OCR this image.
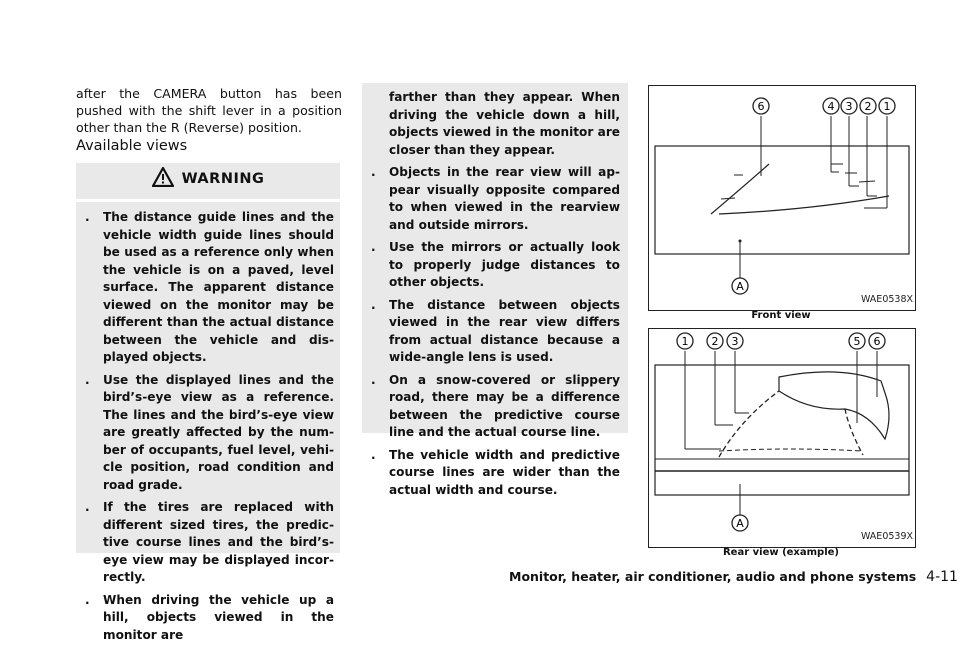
after the CAMERA button has been pushed with the shift lever in a position other than the R (Reverse) position.
Available views
WARNING
. The distance guide lines and the vehicle width guide lines should be used as a reference only when the vehicle is on a paved, level surface. The apparent distance viewed on the monitor may be different than the actual distance between the vehicle and dis-played objects.
. Use the displayed lines and the bird’s-eye view as a reference. The lines and the bird’s-eye view are greatly affected by the num-ber of occupants, fuel level, vehi-cle position, road condition and road grade.
. If the tires are replaced with different sized tires, the predic-tive course lines and the bird’s-eye view may be displayed incor-rectly.
. When driving the vehicle up a hill, objects viewed in the monitor are
farther than they appear. When driving the vehicle down a hill, objects viewed in the monitor are closer than they appear.
. Objects in the rear view will ap-pear visually opposite compared to when viewed in the rearview and outside mirrors.
. Use the mirrors or actually look to properly judge distances to other objects.
. The distance between objects viewed in the rear view differs from actual distance because a wide-angle lens is used.
. On a snow-covered or slippery road, there may be a difference between the predictive course line and the actual course line.
. The vehicle width and predictive course lines are wider than the actual width and course.
6	4 3 2 1
A
WAE0538X
Front view
1 2 3	5 6
A
WAE0539X
Rear view (example)
Monitor, heater, air conditioner, audio and phone systems 4-11
